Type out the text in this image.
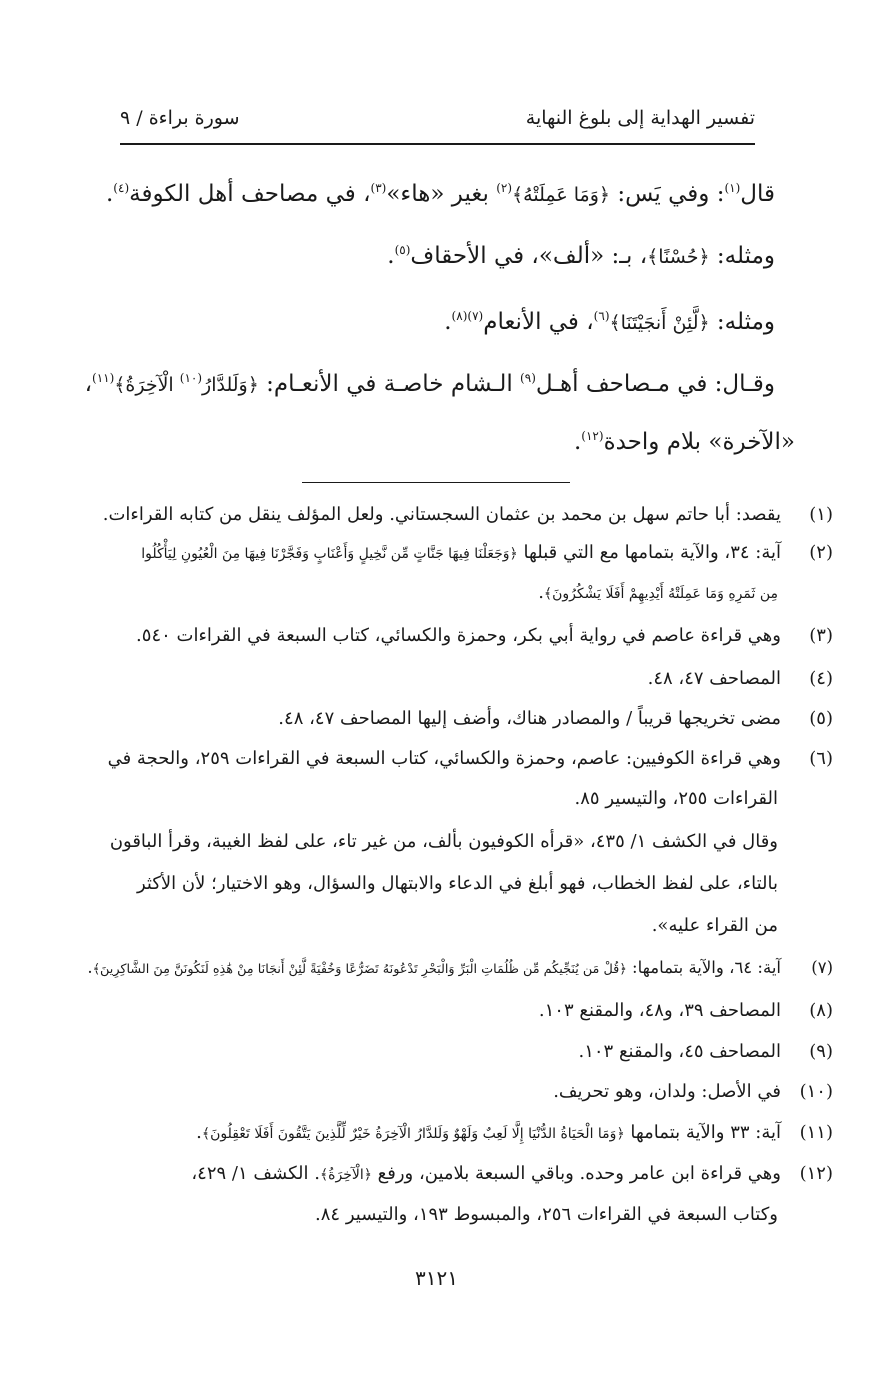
تفسير الهداية إلى بلوغ النهاية
سورة براءة / ٩
قال$^{(١)}$: وفي يَس: ﴿وَمَا عَمِلَتْهُ﴾$^{(٢)}$ بغير «هاء»$^{(٣)}$، في مصاحف أهل الكوفة$^{(٤)}$.
ومثله: ﴿حُسْنًا﴾، بـ: «ألف»، في الأحقاف$^{(٥)}$.
ومثله: ﴿لَّئِنْ أَنجَيْتَنَا﴾$^{(٦)}$، في الأنعام$^{(٧)(٨)}$.
وقـال: في مـصاحف أهـل$^{(٩)}$ الـشام خاصـة في الأنعـام: ﴿وَلَلدَّارُ$^{(١٠)}$ الْآخِرَةُ﴾$^{(١١)}$،
«الآخرة» بلام واحدة$^{(١٢)}$.
(١)يقصد: أبا حاتم سهل بن محمد بن عثمان السجستاني. ولعل المؤلف ينقل من كتابه القراءات.
(٢)آية: ٣٤، والآية بتمامها مع التي قبلها ﴿وَجَعَلْنَا فِيهَا جَنَّاتٍ مِّن نَّخِيلٍ وَأَعْنَابٍ وَفَجَّرْنَا فِيهَا مِنَ الْعُيُونِ لِيَأْكُلُوا
مِن ثَمَرِهِ وَمَا عَمِلَتْهُ أَيْدِيهِمْ أَفَلَا يَشْكُرُونَ﴾.
(٣)وهي قراءة عاصم في رواية أبي بكر، وحمزة والكسائي، كتاب السبعة في القراءات ٥٤٠.
(٤)المصاحف ٤٧، ٤٨.
(٥)مضى تخريجها قريباً / والمصادر هناك، وأضف إليها المصاحف ٤٧، ٤٨.
(٦)وهي قراءة الكوفيين: عاصم، وحمزة والكسائي، كتاب السبعة في القراءات ٢٥٩، والحجة في
القراءات ٢٥٥، والتيسير ٨٥.
وقال في الكشف ١/ ٤٣٥، «قرأه الكوفيون بألف، من غير تاء، على لفظ الغيبة، وقرأ الباقون
بالتاء، على لفظ الخطاب، فهو أبلغ في الدعاء والابتهال والسؤال، وهو الاختيار؛ لأن الأكثر
من القراء عليه».
(٧)آية: ٦٤، والآية بتمامها: ﴿قُلْ مَن يُنَجِّيكُم مِّن ظُلُمَاتِ الْبَرِّ وَالْبَحْرِ تَدْعُونَهُ تَضَرُّعًا وَخُفْيَةً لَّئِنْ أَنجَانَا مِنْ هَٰذِهِ لَنَكُونَنَّ مِنَ الشَّاكِرِينَ﴾.
(٨)المصاحف ٣٩، و٤٨، والمقنع ١٠٣.
(٩)المصاحف ٤٥، والمقنع ١٠٣.
(١٠)في الأصل: ولدان، وهو تحريف.
(١١)آية: ٣٣ والآية بتمامها ﴿وَمَا الْحَيَاةُ الدُّنْيَا إِلَّا لَعِبٌ وَلَهْوٌ وَلَلدَّارُ الْآخِرَةُ خَيْرٌ لِّلَّذِينَ يَتَّقُونَ أَفَلَا تَعْقِلُونَ﴾.
(١٢)وهي قراءة ابن عامر وحده. وباقي السبعة بلامين، ورفع ﴿الْآخِرَةُ﴾. الكشف ١/ ٤٢٩،
وكتاب السبعة في القراءات ٢٥٦، والمبسوط ١٩٣، والتيسير ٨٤.
٣١٢١
